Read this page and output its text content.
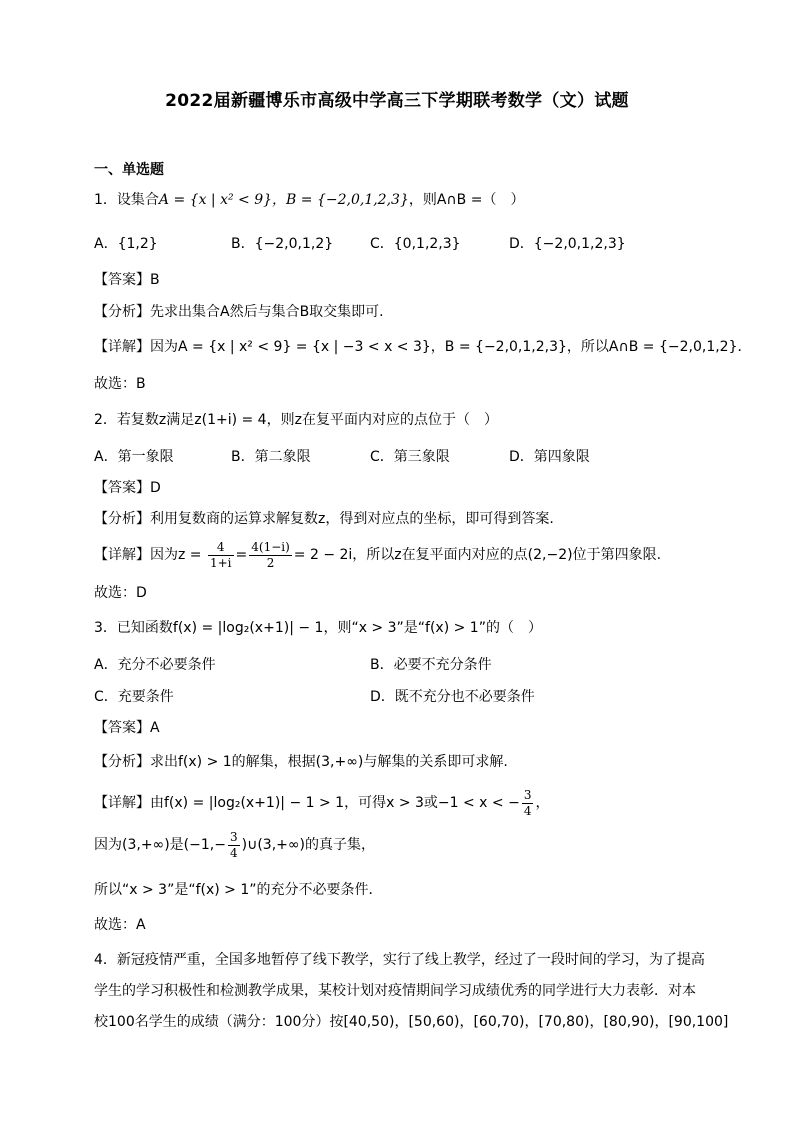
2022届新疆博乐市高级中学高三下学期联考数学（文）试题
一、单选题
1．设集合A = {x | x² < 9}，B = {−2,0,1,2,3}，则A∩B =（　）
A．{1,2}	B．{−2,0,1,2}	C．{0,1,2,3}	D．{−2,0,1,2,3}
【答案】B
【分析】先求出集合A然后与集合B取交集即可.
【详解】因为A = {x | x² < 9} = {x | −3 < x < 3}，B = {−2,0,1,2,3}，所以A∩B = {−2,0,1,2}．
故选：B
2．若复数z满足z(1+i) = 4，则z在复平面内对应的点位于（　）
A．第一象限	B．第二象限	C．第三象限	D．第四象限
【答案】D
【分析】利用复数商的运算求解复数z，得到对应点的坐标，即可得到答案.
【详解】因为$z = \frac{4}{1+i} = \frac{4(1-i)}{2} = 2 - 2i$，所以z在复平面内对应的点(2,−2)位于第四象限.
故选：D
3．已知函数f(x) = |log₂(x+1)| − 1，则“x > 3”是“f(x) > 1”的（　）
A．充分不必要条件	B．必要不充分条件
C．充要条件	D．既不充分也不必要条件
【答案】A
【分析】求出f(x) > 1的解集，根据(3,+∞)与解集的关系即可求解.
【详解】由f(x) = |log₂(x+1)| − 1 > 1，可得x > 3或−1 < x < − $\frac{3}{4}$ ，
因为(3,+∞)是($-1,- \frac{3}{4}$ )∪(3,+∞)的真子集，
所以“x > 3”是“f(x) > 1”的充分不必要条件．
故选：A
4．新冠疫情严重，全国多地暂停了线下教学，实行了线上教学，经过了一段时间的学习，为了提高
学生的学习积极性和检测教学成果，某校计划对疫情期间学习成绩优秀的同学进行大力表彰．对本
校100名学生的成绩（满分：100分）按[40,50)，[50,60)，[60,70)，[70,80)，[80,90)，[90,100]
